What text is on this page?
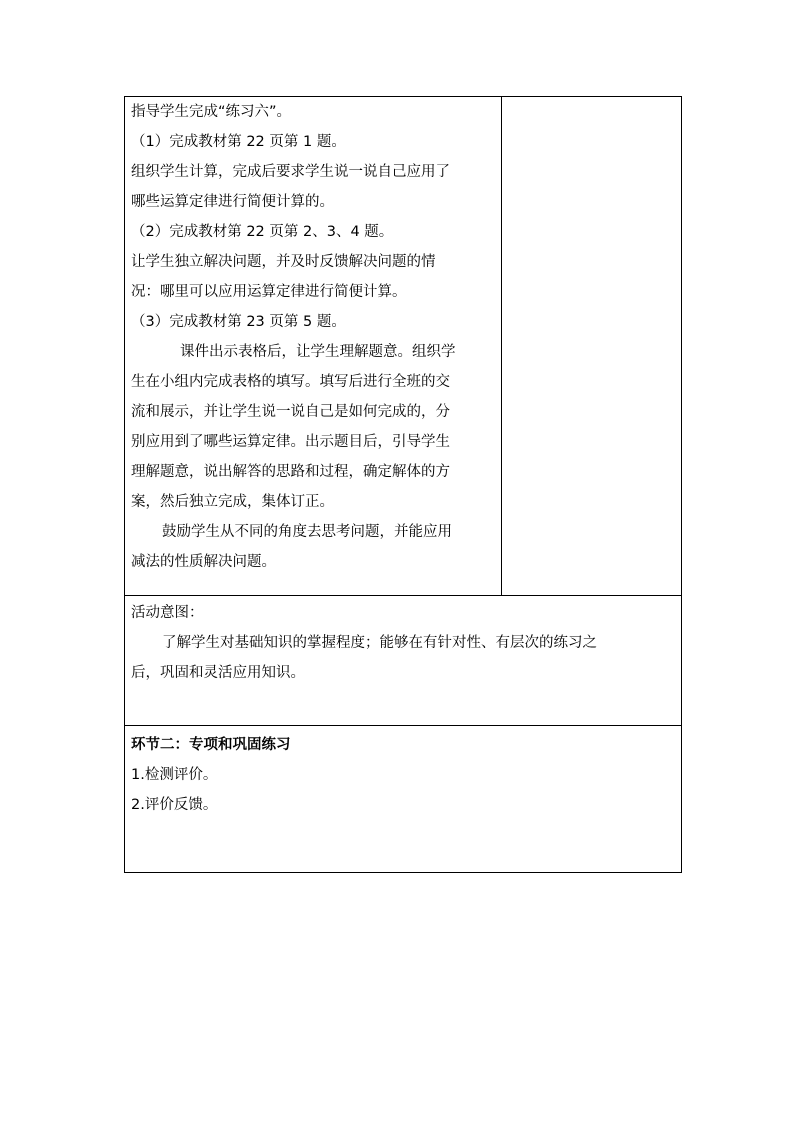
指导学生完成“练习六”。
（1）完成教材第 22 页第 1 题。
组织学生计算，完成后要求学生说一说自己应用了
哪些运算定律进行简便计算的。
（2）完成教材第 22 页第 2、3、4 题。
让学生独立解决问题，并及时反馈解决问题的情
况：哪里可以应用运算定律进行简便计算。
（3）完成教材第 23 页第 5 题。
课件出示表格后，让学生理解题意。组织学
生在小组内完成表格的填写。填写后进行全班的交
流和展示，并让学生说一说自己是如何完成的，分
别应用到了哪些运算定律。出示题目后，引导学生
理解题意，说出解答的思路和过程，确定解体的方
案，然后独立完成，集体订正。
鼓励学生从不同的角度去思考问题，并能应用
减法的性质解决问题。
活动意图：
了解学生对基础知识的掌握程度；能够在有针对性、有层次的练习之
后，巩固和灵活应用知识。
环节二：专项和巩固练习
1.检测评价。
2.评价反馈。
